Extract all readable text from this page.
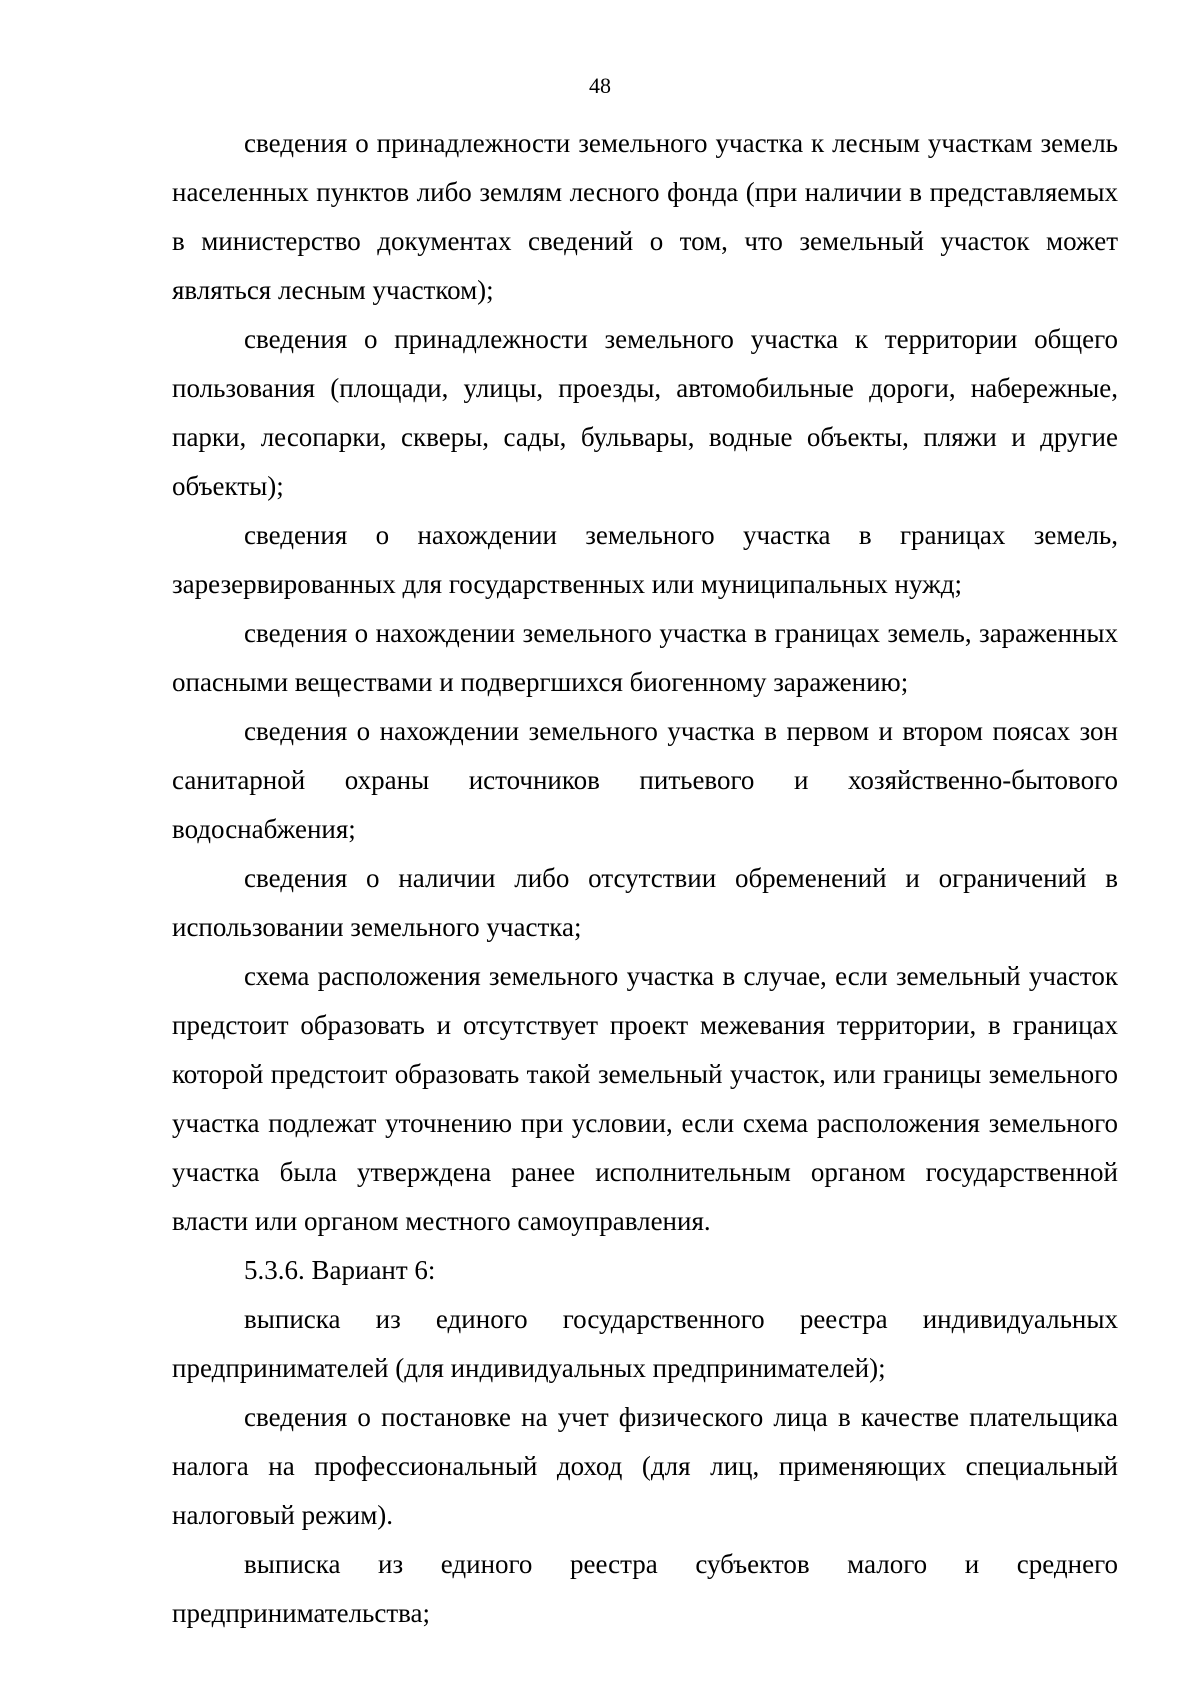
48

сведения о принадлежности земельного участка к лесным участкам земель населенных пунктов либо землям лесного фонда (при наличии в представляемых в министерство документах сведений о том, что земельный участок может являться лесным участком);

сведения о принадлежности земельного участка к территории общего пользования (площади, улицы, проезды, автомобильные дороги, набережные, парки, лесопарки, скверы, сады, бульвары, водные объекты, пляжи и другие объекты);

сведения о нахождении земельного участка в границах земель, зарезервированных для государственных или муниципальных нужд;

сведения о нахождении земельного участка в границах земель, зараженных опасными веществами и подвергшихся биогенному заражению;

сведения о нахождении земельного участка в первом и втором поясах зон санитарной охраны источников питьевого и хозяйственно-бытового водоснабжения;

сведения о наличии либо отсутствии обременений и ограничений в использовании земельного участка;

схема расположения земельного участка в случае, если земельный участок предстоит образовать и отсутствует проект межевания территории, в границах которой предстоит образовать такой земельный участок, или границы земельного участка подлежат уточнению при условии, если схема расположения земельного участка была утверждена ранее исполнительным органом государственной власти или органом местного самоуправления.

5.3.6. Вариант 6:

выписка из единого государственного реестра индивидуальных предпринимателей (для индивидуальных предпринимателей);

сведения о постановке на учет физического лица в качестве плательщика налога на профессиональный доход (для лиц, применяющих специальный налоговый режим).

выписка из единого реестра субъектов малого и среднего предпринимательства;
